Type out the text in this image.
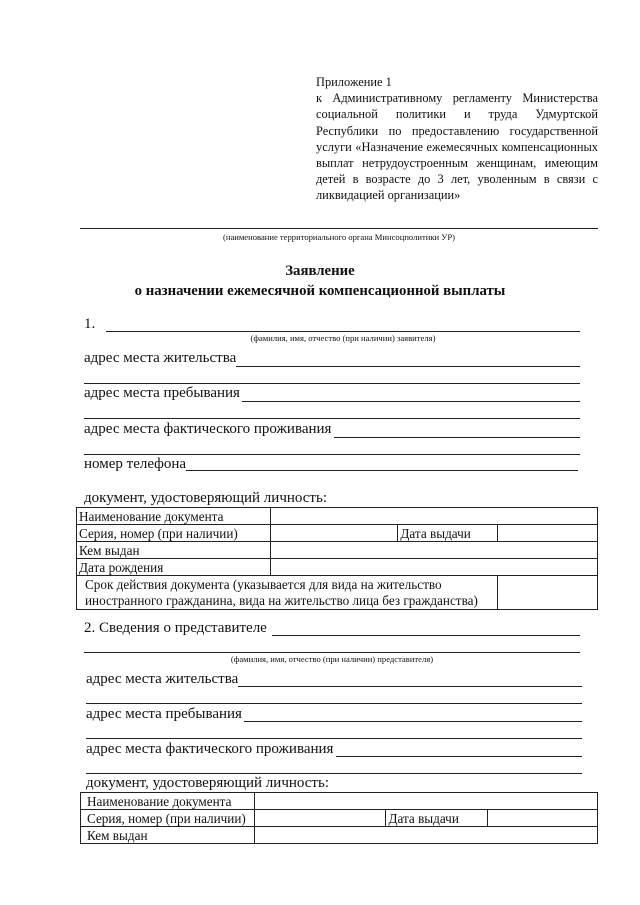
Приложение 1
к Административному регламенту Министерства социальной политики и труда Удмуртской Республики по предоставлению государственной услуги «Назначение ежемесячных компенсационных выплат нетрудоустроенным женщинам, имеющим детей в возрасте до 3 лет, уволенным в связи с ликвидацией организации»
(наименование территориального органа Минсоцполитики УР)
Заявление
о назначении ежемесячной компенсационной выплаты
1.
(фамилия, имя, отчество (при наличии) заявителя)
адрес места жительства
адрес места пребывания
адрес места фактического проживания
номер телефона
документ, удостоверяющий личность:
Наименование документа			
Серия, номер (при наличии)		Дата выдачи	
Кем выдан			
Дата рождения			
Срок действия документа (указывается для вида на жительство иностранного гражданина, вида на жительство лица без гражданства)			
2. Сведения о представителе
(фамилия, имя, отчество (при наличии) представителя)
адрес места жительства
адрес места пребывания
адрес места фактического проживания
документ, удостоверяющий личность:
Наименование документа			
Серия, номер (при наличии)		Дата выдачи	
Кем выдан			
